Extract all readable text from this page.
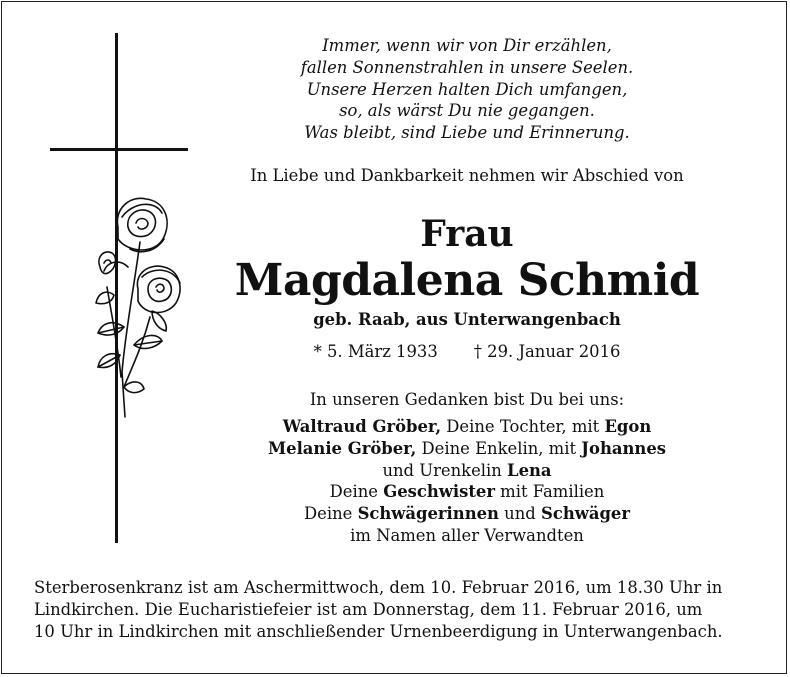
Immer, wenn wir von Dir erzählen,
fallen Sonnenstrahlen in unsere Seelen.
Unsere Herzen halten Dich umfangen,
so, als wärst Du nie gegangen.
Was bleibt, sind Liebe und Erinnerung.
In Liebe und Dankbarkeit nehmen wir Abschied von
Frau
Magdalena Schmid
geb. Raab, aus Unterwangenbach
* 5. März 1933 † 29. Januar 2016
In unseren Gedanken bist Du bei uns:
Waltraud Gröber, Deine Tochter, mit Egon
Melanie Gröber, Deine Enkelin, mit Johannes
und Urenkelin Lena
Deine Geschwister mit Familien
Deine Schwägerinnen und Schwäger
im Namen aller Verwandten
Sterberosenkranz ist am Aschermittwoch, dem 10. Februar 2016, um 18.30 Uhr in
Lindkirchen. Die Eucharistiefeier ist am Donnerstag, dem 11. Februar 2016, um
10 Uhr in Lindkirchen mit anschließender Urnenbeerdigung in Unterwangenbach.
